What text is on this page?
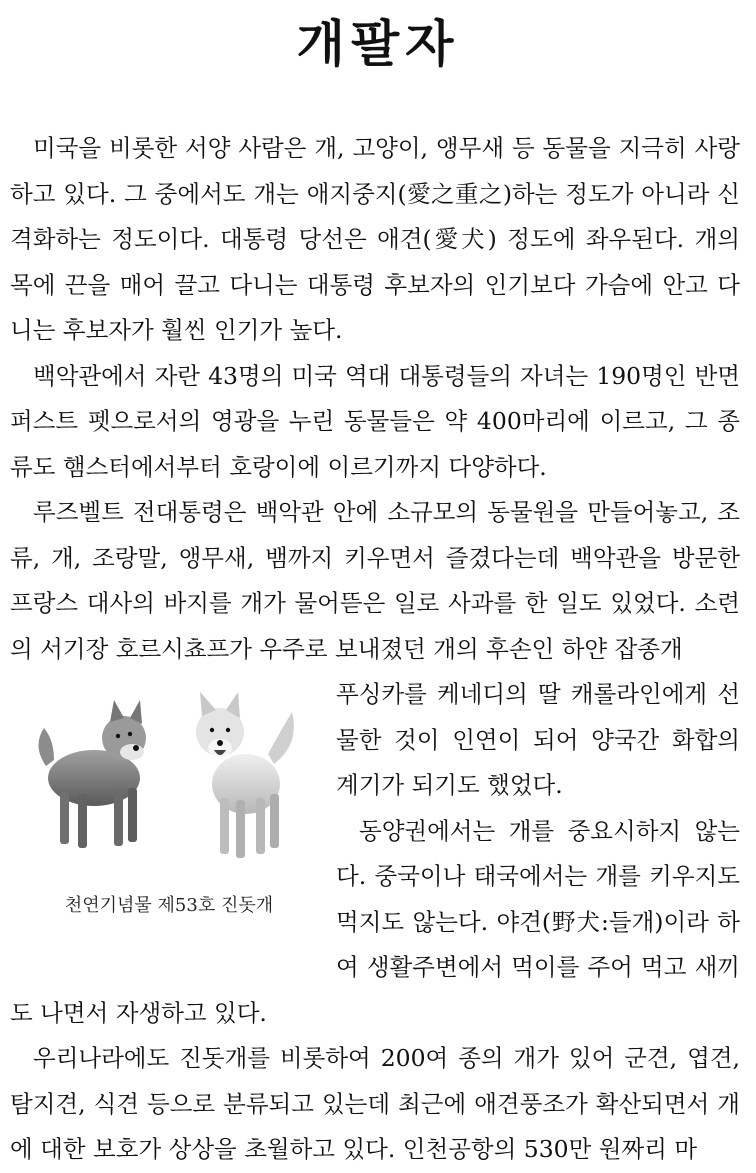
개팔자

미국을 비롯한 서양 사람은 개, 고양이, 앵무새 등 동물을 지극히 사랑하고 있다. 그 중에서도 개는 애지중지(愛之重之)하는 정도가 아니라 신격화하는 정도이다. 대통령 당선은 애견(愛犬) 정도에 좌우된다. 개의 목에 끈을 매어 끌고 다니는 대통령 후보자의 인기보다 가슴에 안고 다니는 후보자가 훨씬 인기가 높다.

백악관에서 자란 43명의 미국 역대 대통령들의 자녀는 190명인 반면 퍼스트 펫으로서의 영광을 누린 동물들은 약 400마리에 이르고, 그 종류도 햄스터에서부터 호랑이에 이르기까지 다양하다.

루즈벨트 전대통령은 백악관 안에 소규모의 동물원을 만들어놓고, 조류, 개, 조랑말, 앵무새, 뱀까지 키우면서 즐겼다는데 백악관을 방문한 프랑스 대사의 바지를 개가 물어뜯은 일로 사과를 한 일도 있었다. 소련의 서기장 호르시쵸프가 우주로 보내졌던 개의 후손인 하얀 잡종개

천연기념물 제53호 진돗개

푸싱카를 케네디의 딸 캐롤라인에게 선물한 것이 인연이 되어 양국간 화합의 계기가 되기도 했었다.

동양권에서는 개를 중요시하지 않는다. 중국이나 태국에서는 개를 키우지도 먹지도 않는다. 야견(野犬:들개)이라 하여 생활주변에서 먹이를 주어 먹고 새끼도 나면서 자생하고 있다.

우리나라에도 진돗개를 비롯하여 200여 종의 개가 있어 군견, 엽견, 탐지견, 식견 등으로 분류되고 있는데 최근에 애견풍조가 확산되면서 개에 대한 보호가 상상을 초월하고 있다. 인천공항의 530만 원짜리 마
